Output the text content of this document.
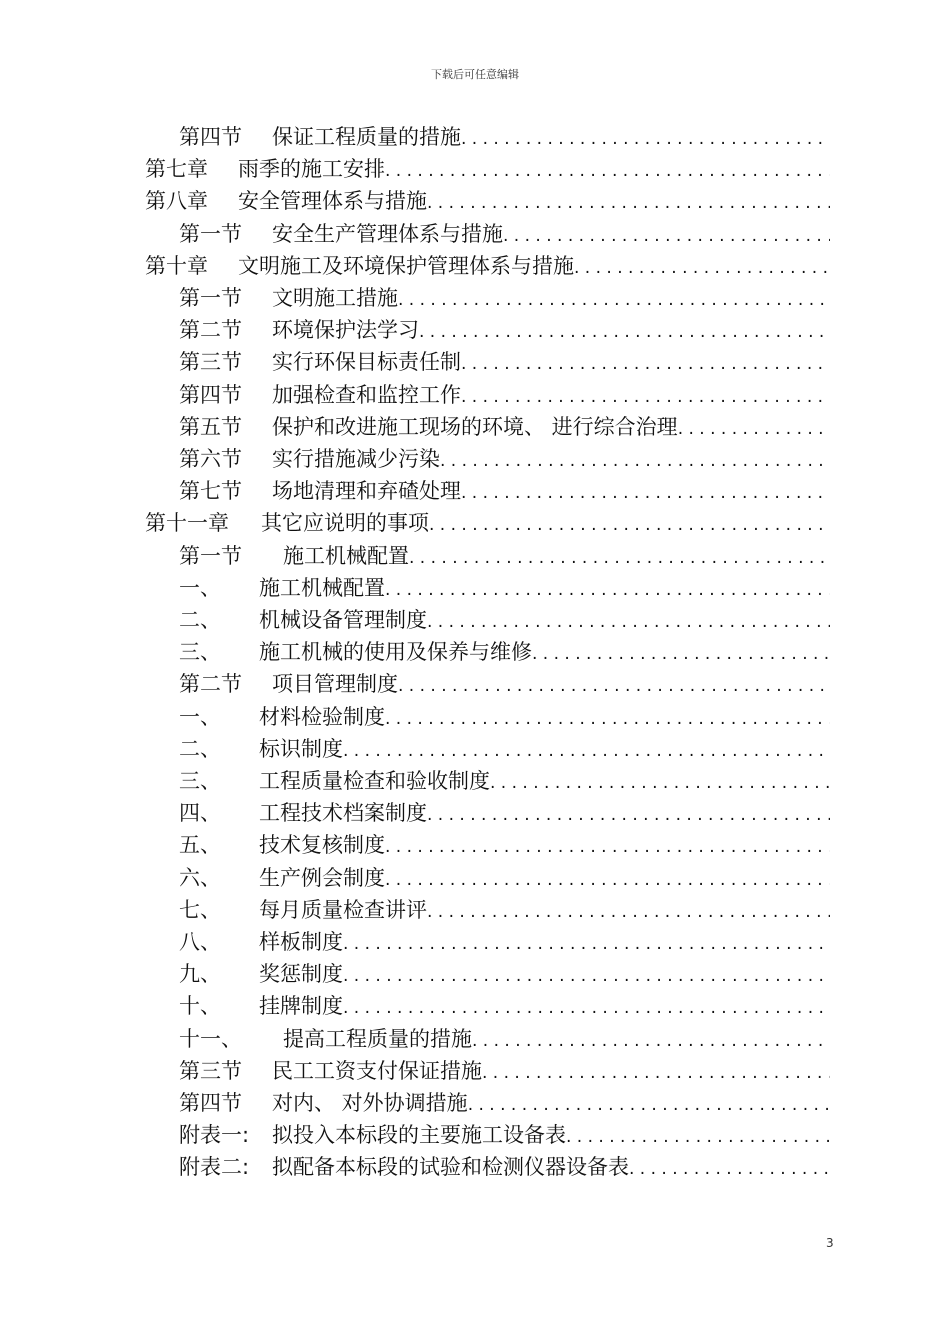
下载后可任意编辑
第四节	保证工程质量的措施
. . .
第七章	雨季的施工安排
. . .
第八章	安全管理体系与措施
. . .
第一节	安全生产管理体系与措施
. . .
第十章	文明施工及环境保护管理体系与措施
. . .
第一节	文明施工措施
. . .
第二节	环境保护法学习
. . .
第三节	实行环保目标责任制
. . .
第四节	加强检查和监控工作
. . .
第五节	保护和改进施工现场的环境、 进行综合治理
. . .
第六节	实行措施减少污染
. . .
第七节	场地清理和弃碴处理
. . .
第十一章	其它应说明的事项
. . .
第一节	施工机械配置
. . .
一、	施工机械配置
. . .
二、	机械设备管理制度
. . .
三、	施工机械的使用及保养与维修
. . .
第二节	项目管理制度
. . .
一、	材料检验制度
. . .
二、	标识制度
. . .
三、	工程质量检查和验收制度
. . .
四、	工程技术档案制度
. . .
五、	技术复核制度
. . .
六、	生产例会制度
. . .
七、	每月质量检查讲评
. . .
八、	样板制度
. . .
九、	奖惩制度
. . .
十、	挂牌制度
. . .
十一、	提高工程质量的措施
. . .
第三节	民工工资支付保证措施
. . .
第四节	对内、 对外协调措施
. . .
附表一:	拟投入本标段的主要施工设备表
. . .
附表二:	拟配备本标段的试验和检测仪器设备表
. . .
3
